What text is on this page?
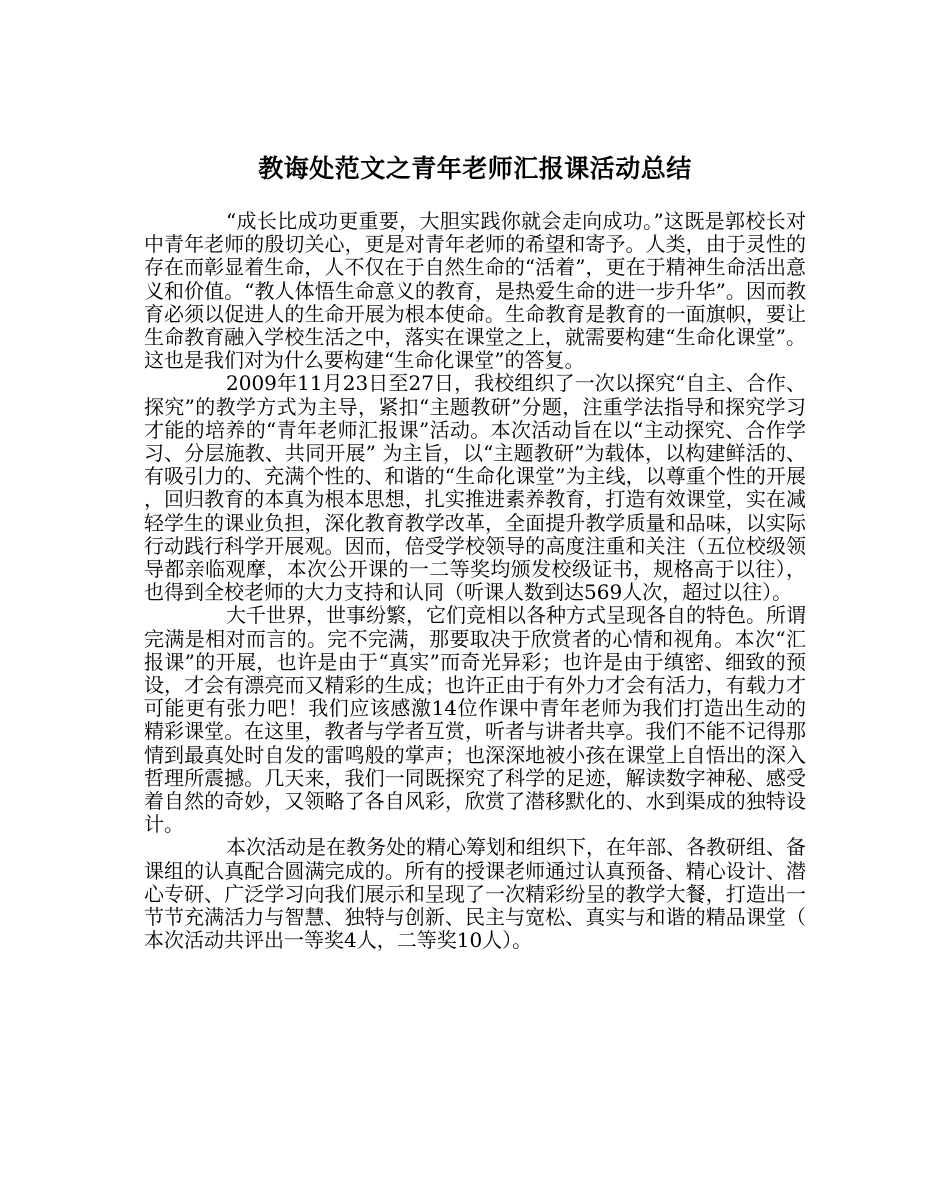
教诲处范文之青年老师汇报课活动总结

“成长比成功更重要，大胆实践你就会走向成功。”这既是郭校长对中青年老师的殷切关心，更是对青年老师的希望和寄予。人类，由于灵性的存在而彰显着生命，人不仅在于自然生命的“活着”，更在于精神生命活出意义和价值。“教人体悟生命意义的教育，是热爱生命的进一步升华”。因而教育必须以促进人的生命开展为根本使命。生命教育是教育的一面旗帜，要让生命教育融入学校生活之中，落实在课堂之上，就需要构建“生命化课堂”。这也是我们对为什么要构建“生命化课堂”的答复。

2009年11月23日至27日，我校组织了一次以探究“自主、合作、探究”的教学方式为主导，紧扣“主题教研”分题，注重学法指导和探究学习才能的培养的“青年老师汇报课”活动。本次活动旨在以“主动探究、合作学习、分层施教、共同开展” 为主旨，以“主题教研”为载体，以构建鲜活的、有吸引力的、充满个性的、和谐的“生命化课堂”为主线，以尊重个性的开展，回归教育的本真为根本思想，扎实推进素养教育，打造有效课堂，实在减轻学生的课业负担，深化教育教学改革，全面提升教学质量和品味，以实际行动践行科学开展观。因而，倍受学校领导的高度注重和关注（五位校级领导都亲临观摩，本次公开课的一二等奖均颁发校级证书，规格高于以往），也得到全校老师的大力支持和认同（听课人数到达569人次，超过以往）。

大千世界，世事纷繁，它们竞相以各种方式呈现各自的特色。所谓完满是相对而言的。完不完满，那要取决于欣赏者的心情和视角。本次“汇报课”的开展，也许是由于“真实”而奇光异彩；也许是由于缜密、细致的预设，才会有漂亮而又精彩的生成；也许正由于有外力才会有活力，有载力才可能更有张力吧！我们应该感激14位作课中青年老师为我们打造出生动的精彩课堂。在这里，教者与学者互赏，听者与讲者共享。我们不能不记得那情到最真处时自发的雷鸣般的掌声；也深深地被小孩在课堂上自悟出的深入哲理所震撼。几天来，我们一同既探究了科学的足迹，解读数字神秘、感受着自然的奇妙，又领略了各自风彩，欣赏了潜移默化的、水到渠成的独特设计。

本次活动是在教务处的精心筹划和组织下，在年部、各教研组、备课组的认真配合圆满完成的。所有的授课老师通过认真预备、精心设计、潜心专研、广泛学习向我们展示和呈现了一次精彩纷呈的教学大餐，打造出一节节充满活力与智慧、独特与创新、民主与宽松、真实与和谐的精品课堂（本次活动共评出一等奖4人，二等奖10人）。
